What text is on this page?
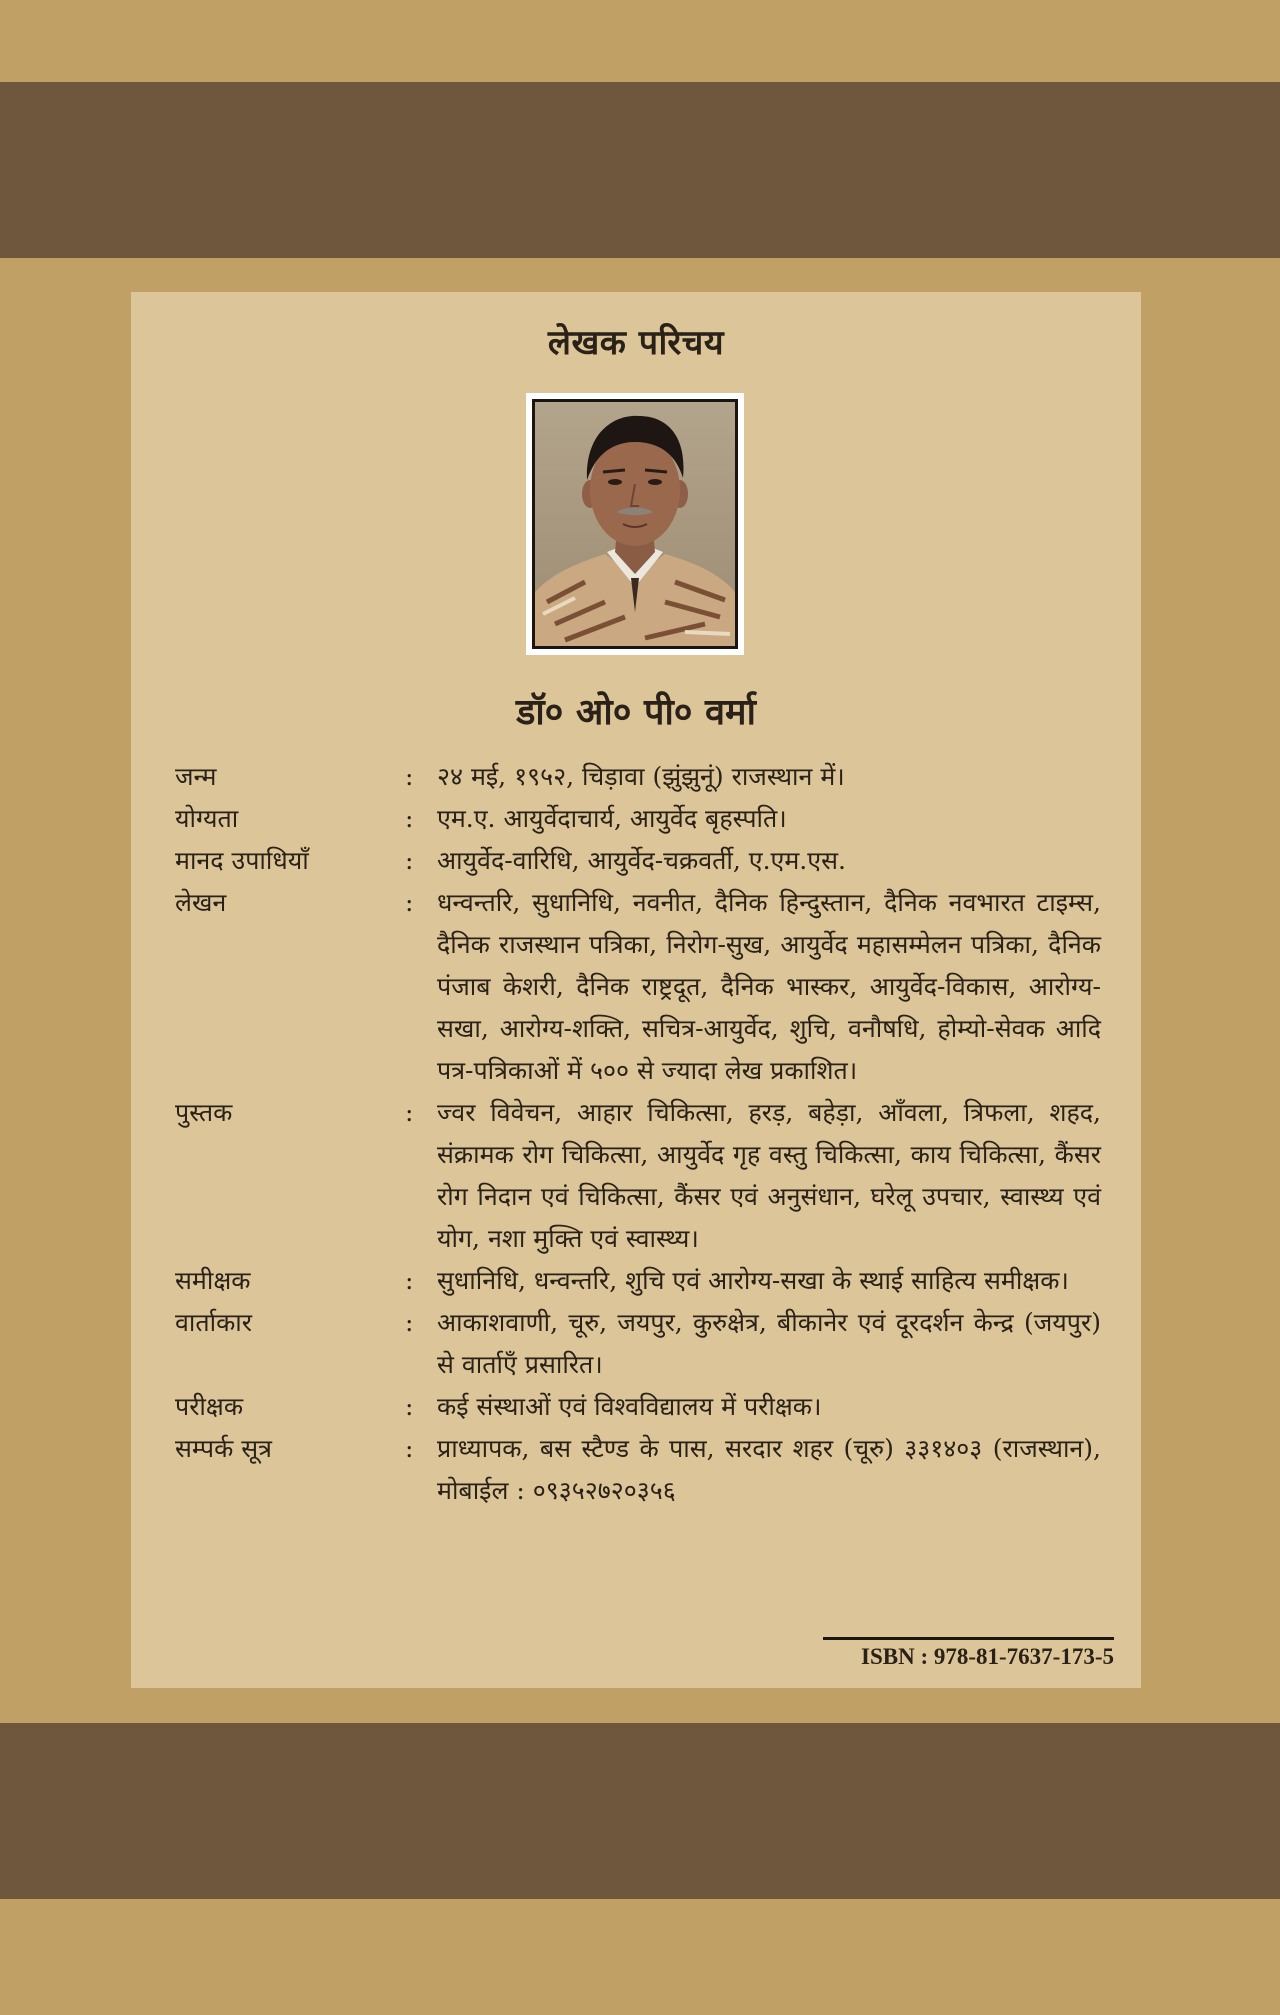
लेखक परिचय
डॉ० ओ० पी० वर्मा
जन्म	: २४ मई, १९५२, चिड़ावा (झुंझुनूं) राजस्थान में।
योग्यता	: एम.ए. आयुर्वेदाचार्य, आयुर्वेद बृहस्पति।
मानद उपाधियाँ	: आयुर्वेद-वारिधि, आयुर्वेद-चक्रवर्ती, ए.एम.एस.
लेखन	: धन्वन्तरि, सुधानिधि, नवनीत, दैनिक हिन्दुस्तान, दैनिक नवभारत टाइम्स, दैनिक राजस्थान पत्रिका, निरोग-सुख, आयुर्वेद महासम्मेलन पत्रिका, दैनिक पंजाब केशरी, दैनिक राष्ट्रदूत, दैनिक भास्कर, आयुर्वेद-विकास, आरोग्य-सखा, आरोग्य-शक्ति, सचित्र-आयुर्वेद, शुचि, वनौषधि, होम्यो-सेवक आदि पत्र-पत्रिकाओं में ५०० से ज्यादा लेख प्रकाशित।
पुस्तक	: ज्वर विवेचन, आहार चिकित्सा, हरड़, बहेड़ा, आँवला, त्रिफला, शहद, संक्रामक रोग चिकित्सा, आयुर्वेद गृह वस्तु चिकित्सा, काय चिकित्सा, कैंसर रोग निदान एवं चिकित्सा, कैंसर एवं अनुसंधान, घरेलू उपचार, स्वास्थ्य एवं योग, नशा मुक्ति एवं स्वास्थ्य।
समीक्षक	: सुधानिधि, धन्वन्तरि, शुचि एवं आरोग्य-सखा के स्थाई साहित्य समीक्षक।
वार्ताकार	: आकाशवाणी, चूरु, जयपुर, कुरुक्षेत्र, बीकानेर एवं दूरदर्शन केन्द्र (जयपुर) से वार्ताएँ प्रसारित।
परीक्षक	: कई संस्थाओं एवं विश्वविद्यालय में परीक्षक।
सम्पर्क सूत्र	: प्राध्यापक, बस स्टैण्ड के पास, सरदार शहर (चूरु) ३३१४०३ (राजस्थान), मोबाईल : ०९३५२७२०३५६
ISBN : 978-81-7637-173-5
